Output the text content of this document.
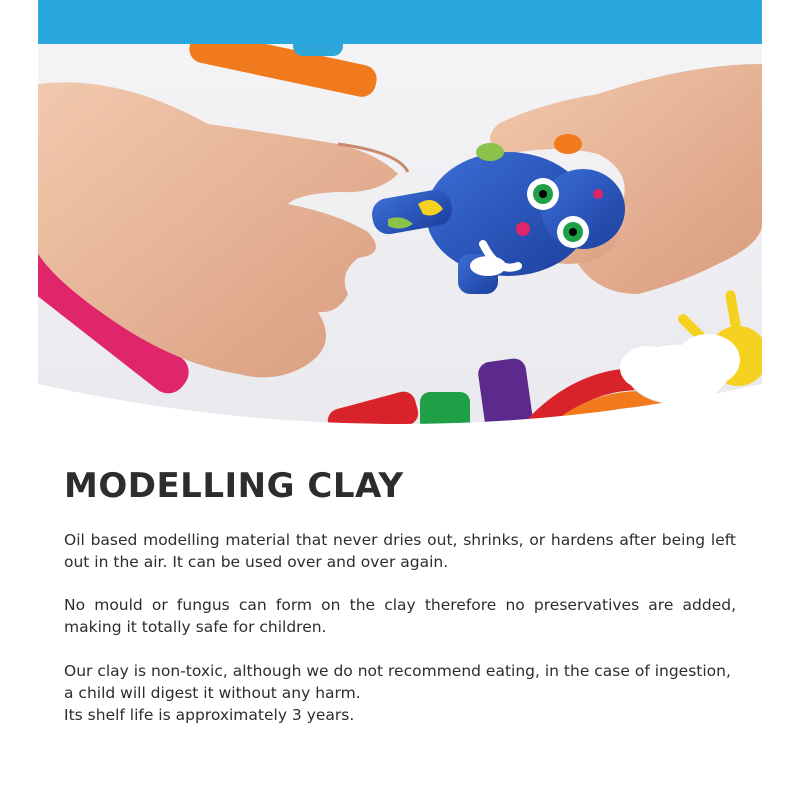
MODELLING CLAY

Oil based modelling material that never dries out, shrinks, or hardens after being left out in the air. It can be used over and over again.

No mould or fungus can form on the clay therefore no preservatives are added, making it totally safe for children.

Our clay is non-toxic, although we do not recommend eating, in the case of ingestion, a child will digest it without any harm.
Its shelf life is approximately 3 years.
